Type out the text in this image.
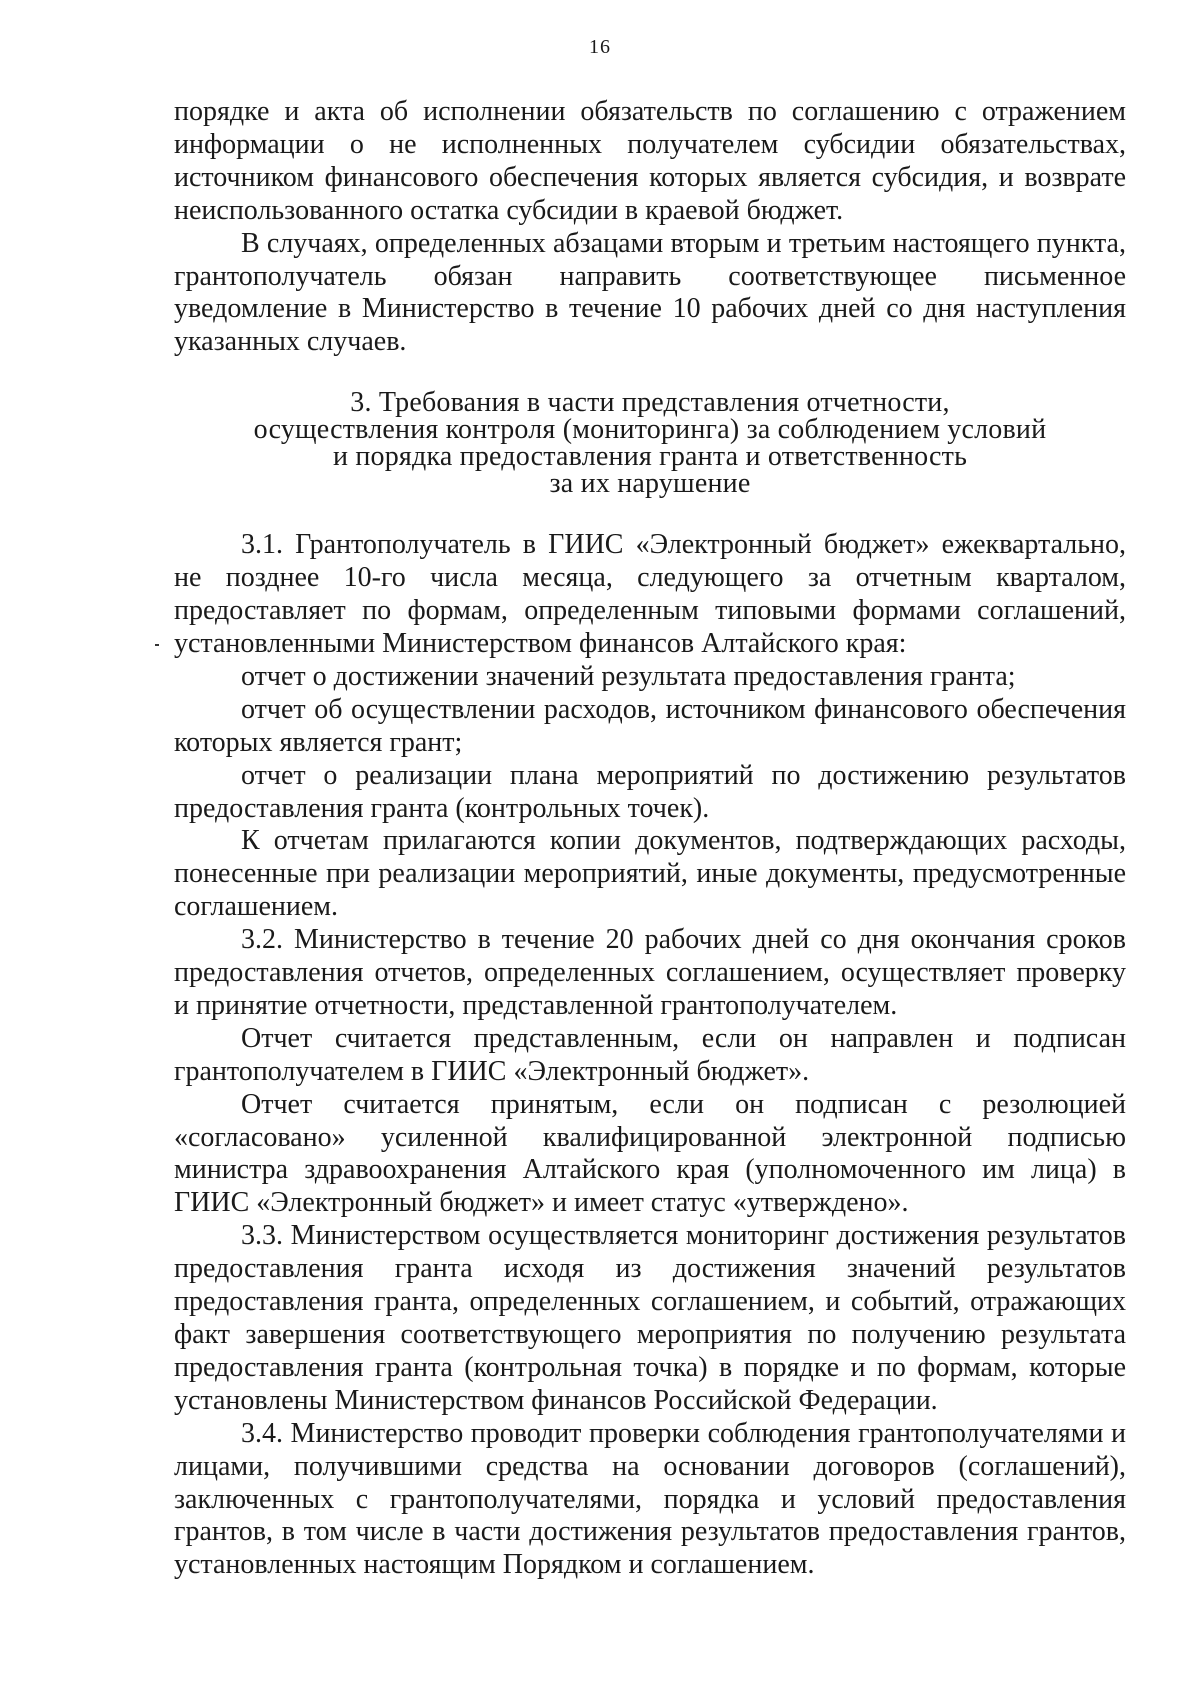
16

порядке и акта об исполнении обязательств по соглашению с отражением информации о не исполненных получателем субсидии обязательствах, источником финансового обеспечения которых является субсидия, и возврате неиспользованного остатка субсидии в краевой бюджет.

В случаях, определенных абзацами вторым и третьим настоящего пункта, грантополучатель обязан направить соответствующее письменное уведомление в Министерство в течение 10 рабочих дней со дня наступления указанных случаев.

3. Требования в части представления отчетности,
осуществления контроля (мониторинга) за соблюдением условий
и порядка предоставления гранта и ответственность
за их нарушение

3.1. Грантополучатель в ГИИС «Электронный бюджет» ежеквартально, не позднее 10-го числа месяца, следующего за отчетным кварталом, предоставляет по формам, определенным типовыми формами соглашений, установленными Министерством финансов Алтайского края:

отчет о достижении значений результата предоставления гранта;

отчет об осуществлении расходов, источником финансового обеспечения которых является грант;

отчет о реализации плана мероприятий по достижению результатов предоставления гранта (контрольных точек).

К отчетам прилагаются копии документов, подтверждающих расходы, понесенные при реализации мероприятий, иные документы, предусмотренные соглашением.

3.2. Министерство в течение 20 рабочих дней со дня окончания сроков предоставления отчетов, определенных соглашением, осуществляет проверку и принятие отчетности, представленной грантополучателем.

Отчет считается представленным, если он направлен и подписан грантополучателем в ГИИС «Электронный бюджет».

Отчет считается принятым, если он подписан с резолюцией «согласовано» усиленной квалифицированной электронной подписью министра здравоохранения Алтайского края (уполномоченного им лица) в ГИИС «Электронный бюджет» и имеет статус «утверждено».

3.3. Министерством осуществляется мониторинг достижения результатов предоставления гранта исходя из достижения значений результатов предоставления гранта, определенных соглашением, и событий, отражающих факт завершения соответствующего мероприятия по получению результата предоставления гранта (контрольная точка) в порядке и по формам, которые установлены Министерством финансов Российской Федерации.

3.4. Министерство проводит проверки соблюдения грантополучателями и лицами, получившими средства на основании договоров (соглашений), заключенных с грантополучателями, порядка и условий предоставления грантов, в том числе в части достижения результатов предоставления грантов, установленных настоящим Порядком и соглашением.
